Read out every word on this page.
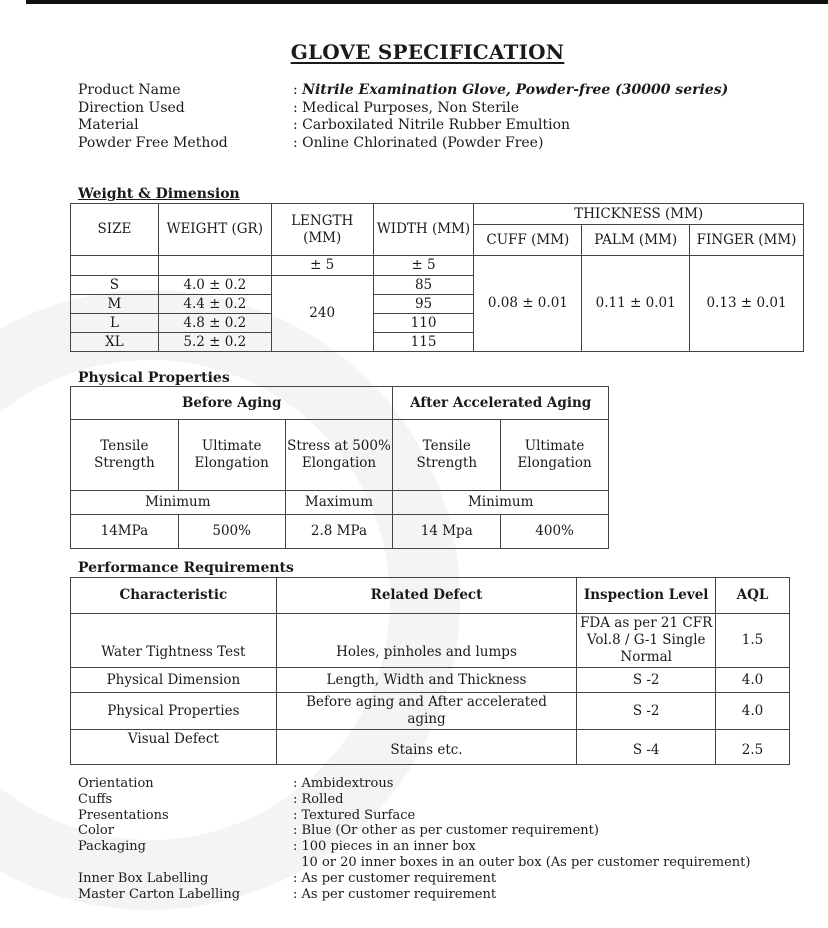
GLOVE SPECIFICATION
Product Name	: Nitrile Examination Glove, Powder-free (30000 series)
Direction Used	: Medical Purposes, Non Sterile
Material	: Carboxilated Nitrile Rubber Emultion
Powder Free Method	: Online Chlorinated (Powder Free)
Weight & Dimension
SIZE	WEIGHT (GR)	LENGTH (MM)	WIDTH (MM)	THICKNESS (MM)		
				CUFF (MM)	PALM (MM)	FINGER (MM)
		± 5	± 5	0.08 ± 0.01	0.11 ± 0.01	0.13 ± 0.01
S	4.0 ± 0.2	240	85			
M	4.4 ± 0.2		95			
L	4.8 ± 0.2		110			
XL	5.2 ± 0.2		115			
Physical Properties
Before Aging			After Accelerated Aging	
Tensile Strength	Ultimate Elongation	Stress at 500% Elongation	Tensile Strength	Ultimate Elongation
Minimum		Maximum	Minimum	
14MPa	500%	2.8 MPa	14 Mpa	400%
Performance Requirements
Characteristic	Related Defect	Inspection Level	AQL
Water Tightness Test	Holes, pinholes and lumps	FDA as per 21 CFR Vol.8 / G-1 Single Normal	1.5
Physical Dimension	Length, Width and Thickness	S -2	4.0
Physical Properties	Before aging and After accelerated aging	S -2	4.0
Visual Defect	Stains etc.	S -4	2.5
Orientation	: Ambidextrous
Cuffs	: Rolled
Presentations	: Textured Surface
Color	: Blue (Or other as per customer requirement)
Packaging	: 100 pieces in an inner box
10 or 20 inner boxes in an outer box (As per customer requirement)
Inner Box Labelling	: As per customer requirement
Master Carton Labelling	: As per customer requirement
